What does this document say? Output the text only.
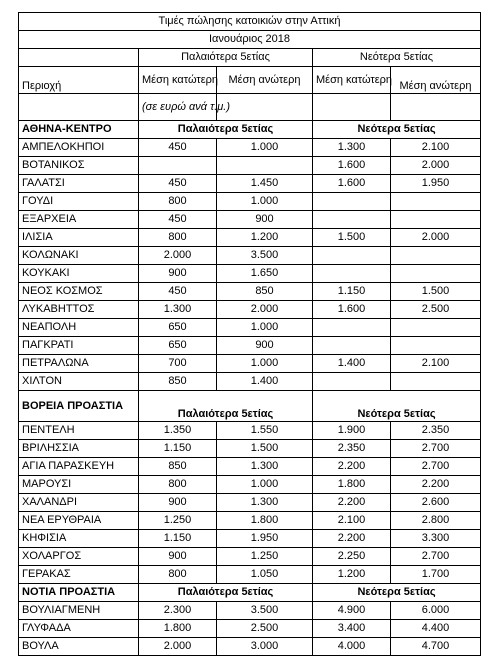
Τιμές πώλησης κατοικιών στην Αττική				
Ιανουάριος 2018				
	Παλαιότερα 5ετίας		Νεότερα 5ετίας	
Περιοχή	Μέση κατώτερη	Μέση ανώτερη	Μέση κατώτερη	Μέση ανώτερη
	(σε ευρώ ανά τ.μ.)			
ΑΘΗΝΑ-ΚΕΝΤΡΟ	Παλαιότερα 5ετίας		Νεότερα 5ετίας	
ΑΜΠΕΛΟΚΗΠΟΙ	450	1.000	1.300	2.100
ΒΟΤΑΝΙΚΟΣ			1.600	2.000
ΓΑΛΑΤΣΙ	450	1.450	1.600	1.950
ΓΟΥΔΙ	800	1.000		
ΕΞΑΡΧΕΙΑ	450	900		
ΙΛΙΣΙΑ	800	1.200	1.500	2.000
ΚΟΛΩΝΑΚΙ	2.000	3.500		
ΚΟΥΚΑΚΙ	900	1.650		
ΝΕΟΣ ΚΟΣΜΟΣ	450	850	1.150	1.500
ΛΥΚΑΒΗΤΤΟΣ	1.300	2.000	1.600	2.500
ΝΕΑΠΟΛΗ	650	1.000		
ΠΑΓΚΡΑΤΙ	650	900		
ΠΕΤΡΑΛΩΝΑ	700	1.000	1.400	2.100
ΧΙΛΤΟΝ	850	1.400		
ΒΟΡΕΙΑ ΠΡΟΑΣΤΙΑ	Παλαιότερα 5ετίας		Νεότερα 5ετίας	
ΠΕΝΤΕΛΗ	1.350	1.550	1.900	2.350
ΒΡΙΛΗΣΣΙΑ	1.150	1.500	2.350	2.700
ΑΓΙΑ ΠΑΡΑΣΚΕΥΗ	850	1.300	2.200	2.700
ΜΑΡΟΥΣΙ	800	1.000	1.800	2.200
ΧΑΛΑΝΔΡΙ	900	1.300	2.200	2.600
ΝΕΑ ΕΡΥΘΡΑΙΑ	1.250	1.800	2.100	2.800
ΚΗΦΙΣΙΑ	1.150	1.950	2.200	3.300
ΧΟΛΑΡΓΟΣ	900	1.250	2.250	2.700
ΓΕΡΑΚΑΣ	800	1.050	1.200	1.700
ΝΟΤΙΑ ΠΡΟΑΣΤΙΑ	Παλαιότερα 5ετίας		Νεότερα 5ετίας	
ΒΟΥΛΙΑΓΜΕΝΗ	2.300	3.500	4.900	6.000
ΓΛΥΦΑΔΑ	1.800	2.500	3.400	4.400
ΒΟΥΛΑ	2.000	3.000	4.000	4.700
